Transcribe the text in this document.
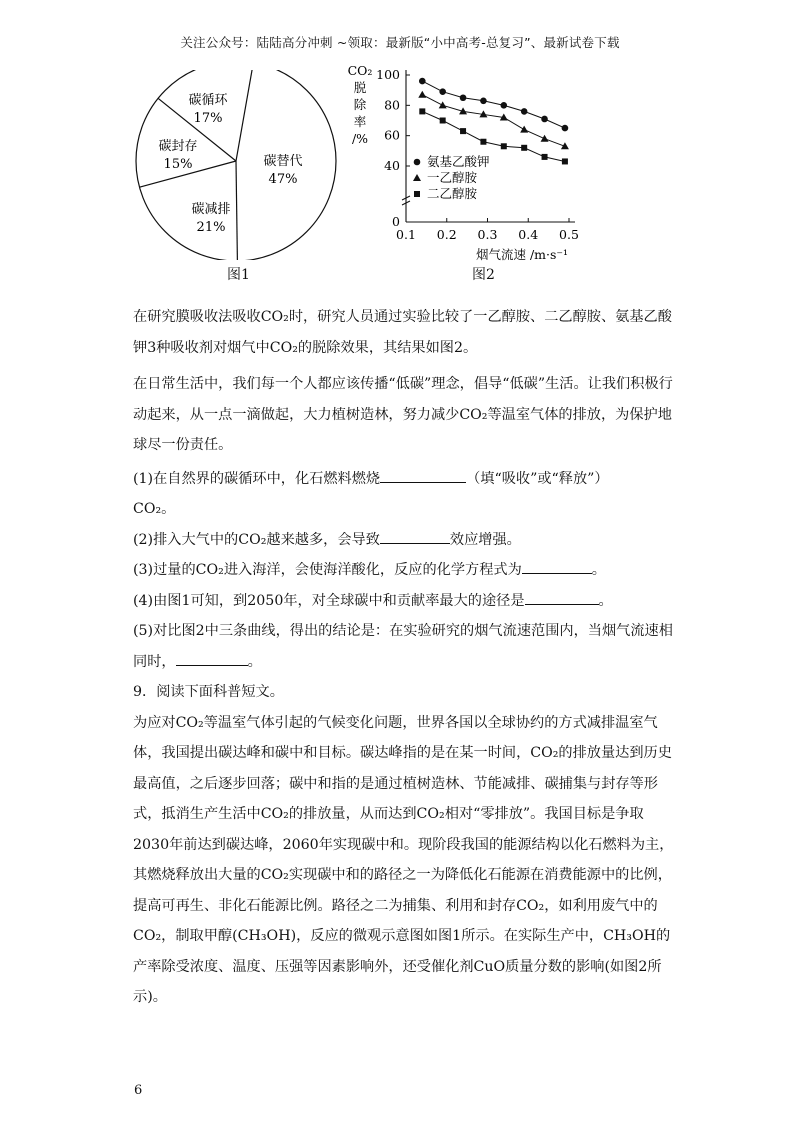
关注公众号：陆陆高分冲刺 ~领取：最新版“小中高考-总复习”、最新试卷下载
碳替代
47%
碳减排
21%
碳封存
15%
碳循环
17%
图1
CO₂
脱
除
率
/%
0
40
60
80
100
0.1 0.2 0.3 0.4 0.5
氨基乙酸钾
一乙醇胺
二乙醇胺
烟气流速 /m·s⁻¹
图2

在研究膜吸收法吸收CO₂时，研究人员通过实验比较了一乙醇胺、二乙醇胺、氨基乙酸钾3种吸收剂对烟气中CO₂的脱除效果，其结果如图2。

在日常生活中，我们每一个人都应该传播“低碳”理念，倡导“低碳”生活。让我们积极行动起来，从一点一滴做起，大力植树造林，努力减少CO₂等温室气体的排放，为保护地球尽一份责任。

(1)在自然界的碳循环中，化石燃料燃烧	（填“吸收”或“释放”）
CO₂。

(2)排入大气中的CO₂越来越多，会导致	效应增强。

(3)过量的CO₂进入海洋，会使海洋酸化，反应的化学方程式为	。

(4)由图1可知，到2050年，对全球碳中和贡献率最大的途径是	。

(5)对比图2中三条曲线，得出的结论是：在实验研究的烟气流速范围内，当烟气流速相同时，	。

9．阅读下面科普短文。

为应对CO₂等温室气体引起的气候变化问题，世界各国以全球协约的方式减排温室气体，我国提出碳达峰和碳中和目标。碳达峰指的是在某一时间，CO₂的排放量达到历史最高值，之后逐步回落；碳中和指的是通过植树造林、节能减排、碳捕集与封存等形式，抵消生产生活中CO₂的排放量，从而达到CO₂相对“零排放”。我国目标是争取2030年前达到碳达峰，2060年实现碳中和。现阶段我国的能源结构以化石燃料为主，其燃烧释放出大量的CO₂实现碳中和的路径之一为降低化石能源在消费能源中的比例，提高可再生、非化石能源比例。路径之二为捕集、利用和封存CO₂，如利用废气中的CO₂，制取甲醇(CH₃OH)，反应的微观示意图如图1所示。在实际生产中，CH₃OH的产率除受浓度、温度、压强等因素影响外，还受催化剂CuO质量分数的影响(如图2所示)。

6
